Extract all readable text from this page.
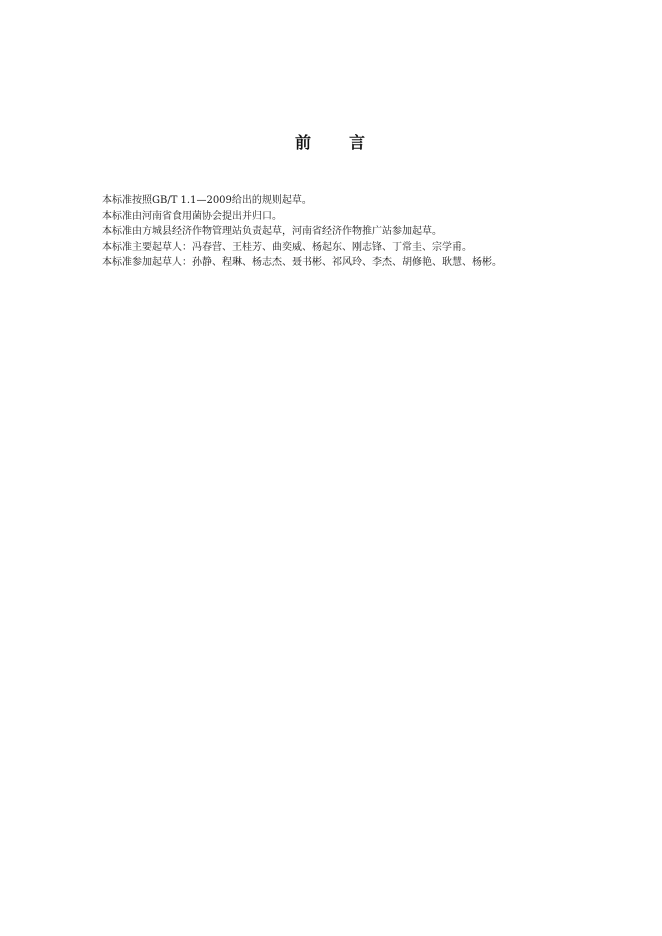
前　　言

本标准按照GB/T 1.1—2009给出的规则起草。

本标准由河南省食用菌协会提出并归口。

本标准由方城县经济作物管理站负责起草，河南省经济作物推广站参加起草。

本标准主要起草人：冯春营、王桂芳、曲奕威、杨起东、刚志锋、丁常圭、宗学甫。

本标准参加起草人：孙静、程琳、杨志杰、聂书彬、祁风玲、李杰、胡修艳、耿慧、杨彬。
